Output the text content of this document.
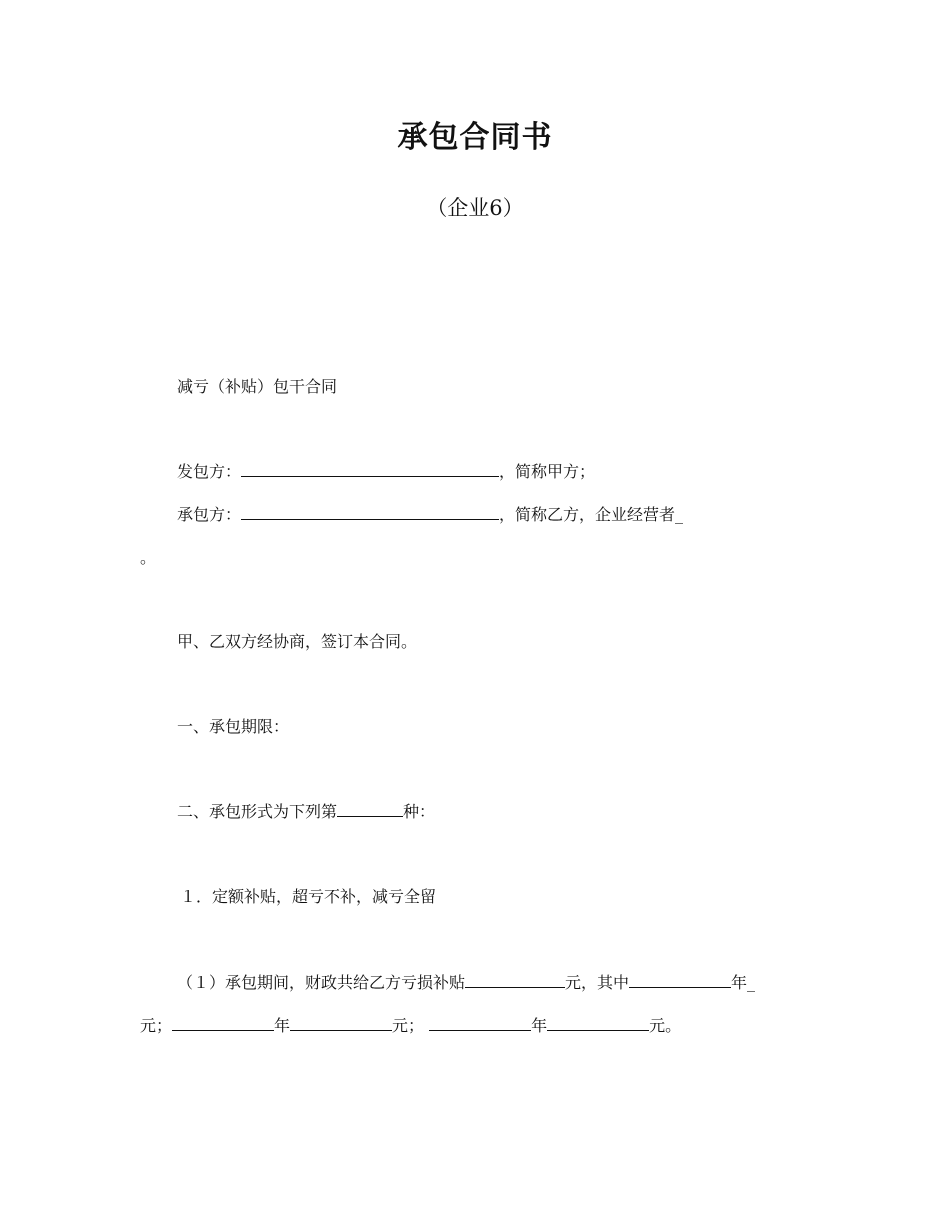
承包合同书
（企业6）
减亏（补贴）包干合同
发包方：	，简称甲方；
承包方：	，简称乙方，企业经营者_
。
甲、乙双方经协商，签订本合同。
一、承包期限：
二、承包形式为下列第	种：
１．定额补贴，超亏不补，减亏全留
（１）承包期间，财政共给乙方亏损补贴	元，其中	年_
元；	年	元；	年	元。
